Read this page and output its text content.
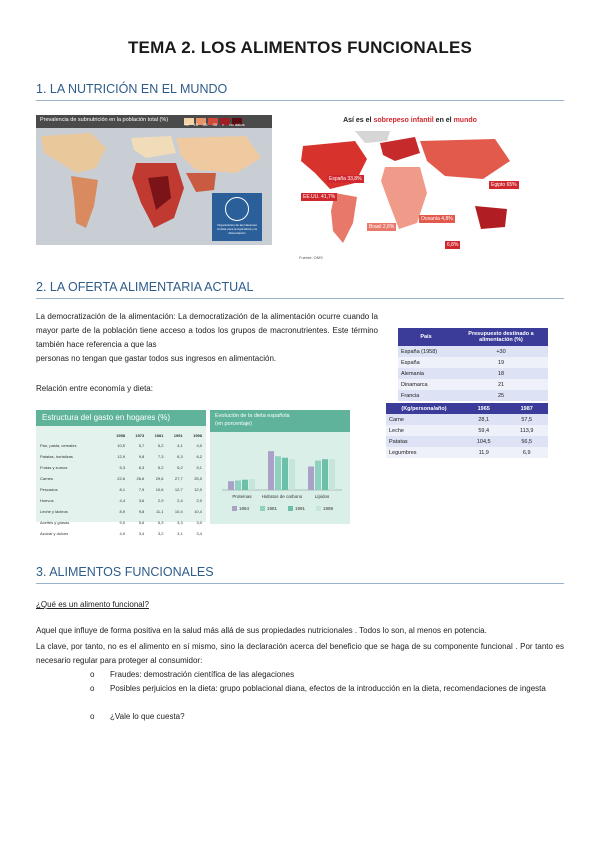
TEMA 2. LOS ALIMENTOS FUNCIONALES
1. LA NUTRICIÓN EN EL MUNDO
Prevalencia de subnutrición en la población total (%)
<5 15 25 35 > no datos
Organización de las Naciones Unidas para la Agricultura y la Alimentación
Así es el sobrepeso infantil en el mundo
España 33,8%
EE.UU. 41,7%
Brasil 2,8%
Egipto 65%
Oceanía 4,8%
6,8%
Fuente: OMS
2. LA OFERTA ALIMENTARIA ACTUAL
La democratización de la alimentación: La democratización de la alimentación ocurre cuando la mayor parte de la población tiene acceso a todos los grupos de macronutrientes. Este término también hace referencia a que las
personas no tengan que gastar todos sus ingresos en alimentación.
Relación entre economía y dieta:
País	Presupuesto destinado a alimentación (%)
España (1958)	+30
España	19
Alemania	18
Dinamarca	21
Francia	25
(Kg/persona/año)	1965	1987
Carne	28,1	57,5
Leche	59,4	113,9
Patatas	104,5	56,5
Legumbres	11,9	6,9
Estructura del gasto en hogares (%)
	1958	1973	1981	1991	1998
Pan, pasta, cereales	10,5	5,7	5,2	4,1	4,0
Patatas, hortalizas	12,9	9,8	7,3	6,3	6,2
Frutas y zumos	5,3	6,3	5,2	5,2	5,1
Carnes	22,6	26,6	29,6	27,7	25,0
Pescados	8,1	7,9	10,6	12,7	12,0
Huevos	4,4	3,6	2,9	2,4	2,0
Leche y lácteos	8,9	9,8	11,1	10,4	10,4
Aceites y grasas	9,0	5,6	5,3	3,3	3,0
Azúcar y dulces	4,0	3,4	3,2	3,1	3,4
Evolución de la dieta española
(en porcentaje)
Proteínas Hidratos de carbono	Lípidos
1964	1981	1991	1998
3. ALIMENTOS FUNCIONALES
¿Qué es un alimento funcional?
Aquel que influye de forma positiva en la salud más allá de sus propiedades nutricionales . Todos lo son, al menos en potencia.
La clave, por tanto, no es el alimento en sí mismo, sino la declaración acerca del beneficio que se haga de su componente funcional . Por tanto es necesario regular para proteger al consumidor:
o Fraudes: demostración científica de las alegaciones
o Posibles perjuicios en la dieta: grupo poblacional diana, efectos de la introducción en la dieta, recomendaciones de ingesta
o ¿Vale lo que cuesta?
